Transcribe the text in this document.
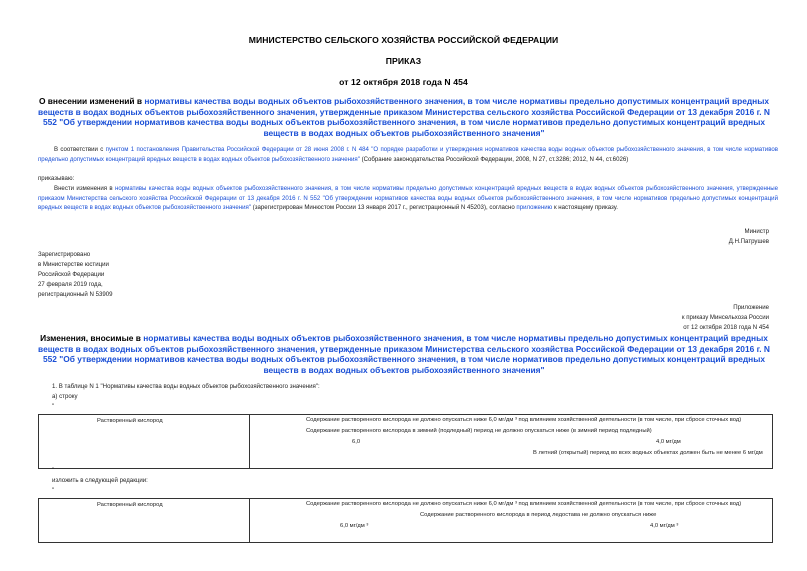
МИНИСТЕРСТВО СЕЛЬСКОГО ХОЗЯЙСТВА РОССИЙСКОЙ ФЕДЕРАЦИИ
ПРИКАЗ
от 12 октября 2018 года N 454
О внесении изменений в нормативы качества воды водных объектов рыбохозяйственного значения, в том числе нормативы предельно допустимых концентраций вредных веществ в водах водных объектов рыбохозяйственного значения, утвержденные приказом Министерства сельского хозяйства Российской Федерации от 13 декабря 2016 г. N 552 "Об утверждении нормативов качества воды водных объектов рыбохозяйственного значения, в том числе нормативов предельно допустимых концентраций вредных веществ в водах водных объектов рыбохозяйственного значения"
В соответствии с пунктом 1 постановления Правительства Российской Федерации от 28 июня 2008 г. N 484 "О порядке разработки и утверждения нормативов качества воды водных объектов рыбохозяйственного значения, в том числе нормативов предельно допустимых концентраций вредных веществ в водах водных объектов рыбохозяйственного значения" (Собрание законодательства Российской Федерации, 2008, N 27, ст.3286; 2012, N 44, ст.6026)
приказываю:
Внести изменения в нормативы качества воды водных объектов рыбохозяйственного значения, в том числе нормативы предельно допустимых концентраций вредных веществ в водах водных объектов рыбохозяйственного значения, утвержденные приказом Министерства сельского хозяйства Российской Федерации от 13 декабря 2016 г. N 552 "Об утверждении нормативов качества воды водных объектов рыбохозяйственного значения, в том числе нормативов предельно допустимых концентраций вредных веществ в водах водных объектов рыбохозяйственного значения" (зарегистрирован Минюстом России 13 января 2017 г., регистрационный N 45203), согласно приложению к настоящему приказу.
Министр
Д.Н.Патрушев
Зарегистрировано
в Министерстве юстиции
Российской Федерации
27 февраля 2019 года,
регистрационный N 53909
Приложение
к приказу Минсельхоза России
от 12 октября 2018 года N 454
Изменения, вносимые в нормативы качества воды водных объектов рыбохозяйственного значения, в том числе нормативы предельно допустимых концентраций вредных веществ в водах водных объектов рыбохозяйственного значения, утвержденные приказом Министерства сельского хозяйства Российской Федерации от 13 декабря 2016 г. N 552 "Об утверждении нормативов качества воды водных объектов рыбохозяйственного значения, в том числе нормативов предельно допустимых концентраций вредных веществ в водах водных объектов рыбохозяйственного значения"
1. В таблице N 1 "Нормативы качества воды водных объектов рыбохозяйственного значения":
а) строку
"
Растворенный кислород	Содержание растворенного кислорода не должно опускаться ниже 6,0 мг/дм ³ под влиянием хозяйственной деятельности (в том числе, при сбросе сточных вод)
Содержание растворенного кислорода в зимний (подледный) период не должно опускаться ниже (в зимний период подледный)
6,0	4,0 мг/дм
В летний (открытый) период во всех водных объектах должен быть не менее 6 мг/дм
"
изложить в следующей редакции:
"
Растворенный кислород	Содержание растворенного кислорода не должно опускаться ниже 6,0 мг/дм ³ под влиянием хозяйственной деятельности (в том числе, при сбросе сточных вод)
Содержание растворенного кислорода в период ледостава не должно опускаться ниже
6,0 мг/дм ³	4,0 мг/дм ³
